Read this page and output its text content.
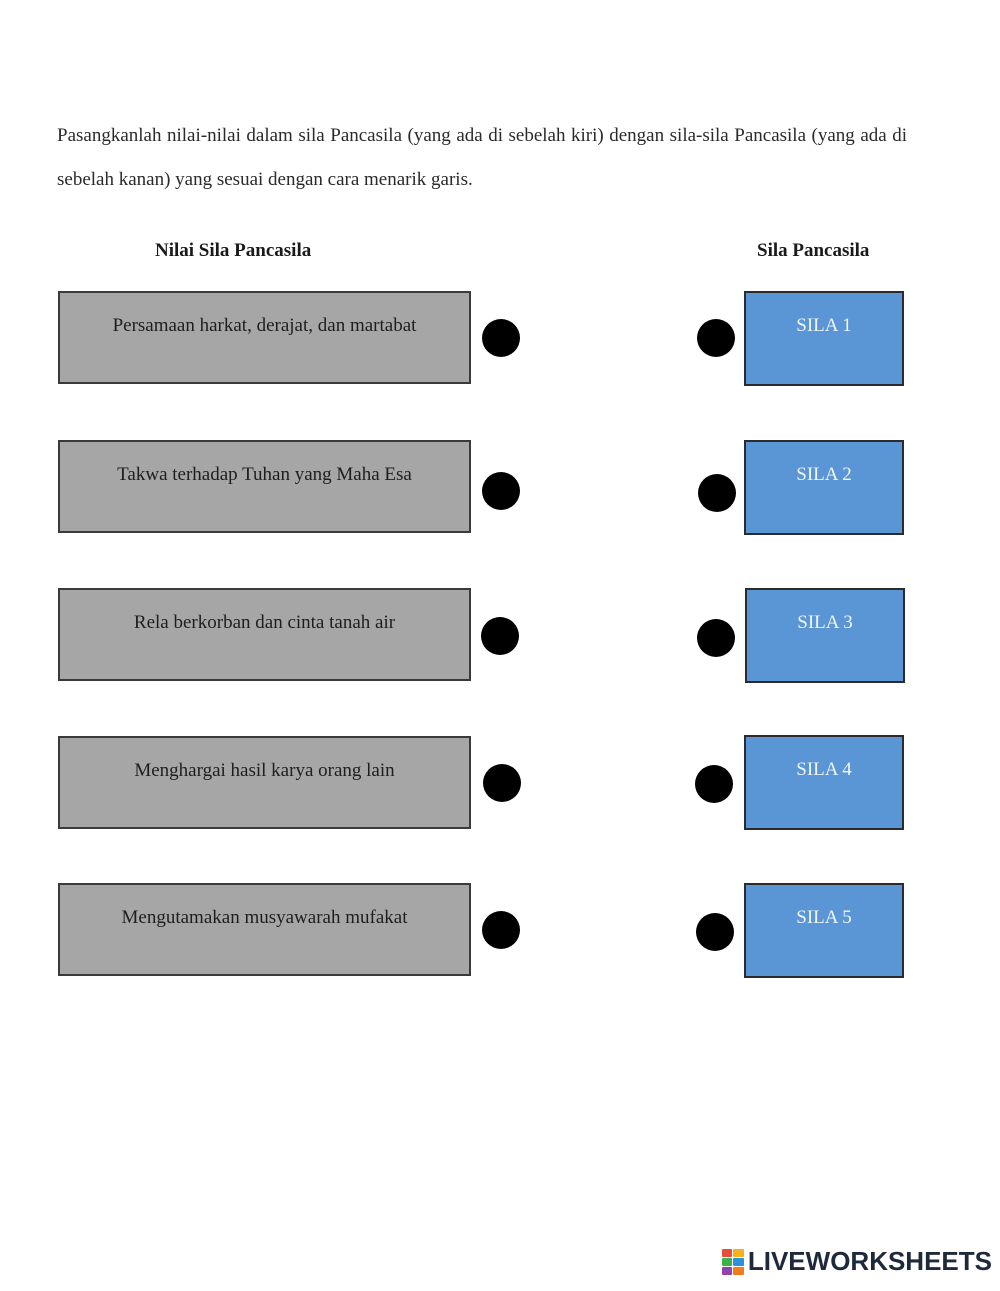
Pasangkanlah nilai-nilai dalam sila Pancasila (yang ada di sebelah kiri) dengan sila-sila Pancasila (yang ada di sebelah kanan) yang sesuai dengan cara menarik garis.
Nilai Sila Pancasila	Sila Pancasila
Persamaan harkat, derajat, dan martabat	SILA 1
Takwa terhadap Tuhan yang Maha Esa	SILA 2
Rela berkorban dan cinta tanah air	SILA 3
Menghargai hasil karya orang lain	SILA 4
Mengutamakan musyawarah mufakat	SILA 5
LIVEWORKSHEETS
